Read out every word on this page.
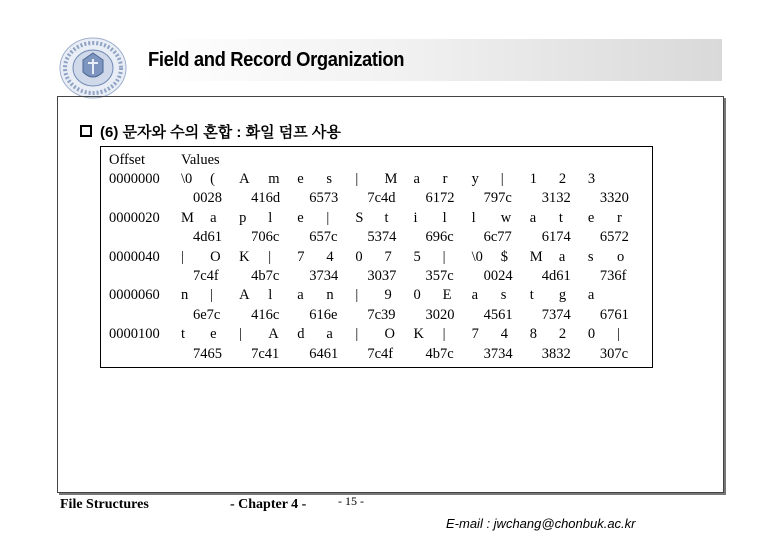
Field and Record Organization
(6) 문자와 수의 혼합 : 화일 덤프 사용
Offset Values
0000000 \0 ( A m e s | M a r y | 1 2 3
0028 416d 6573 7c4d 6172 797c 3132 3320
0000020 M a p l e | S t i l l w a t e r
4d61 706c 657c 5374 696c 6c77 6174 6572
0000040 | O K | 7 4 0 7 5 | \0 $ M a s o
7c4f 4b7c 3734 3037 357c 0024 4d61 736f
0000060 n | A l a n | 9 0 E a s t g a
6e7c 416c 616e 7c39 3020 4561 7374 6761
0000100 t e | A d a | O K | 7 4 8 2 0 |
7465 7c41 6461 7c4f 4b7c 3734 3832 307c
File Structures	- Chapter 4 -	- 15 -
E-mail : jwchang@chonbuk.ac.kr
